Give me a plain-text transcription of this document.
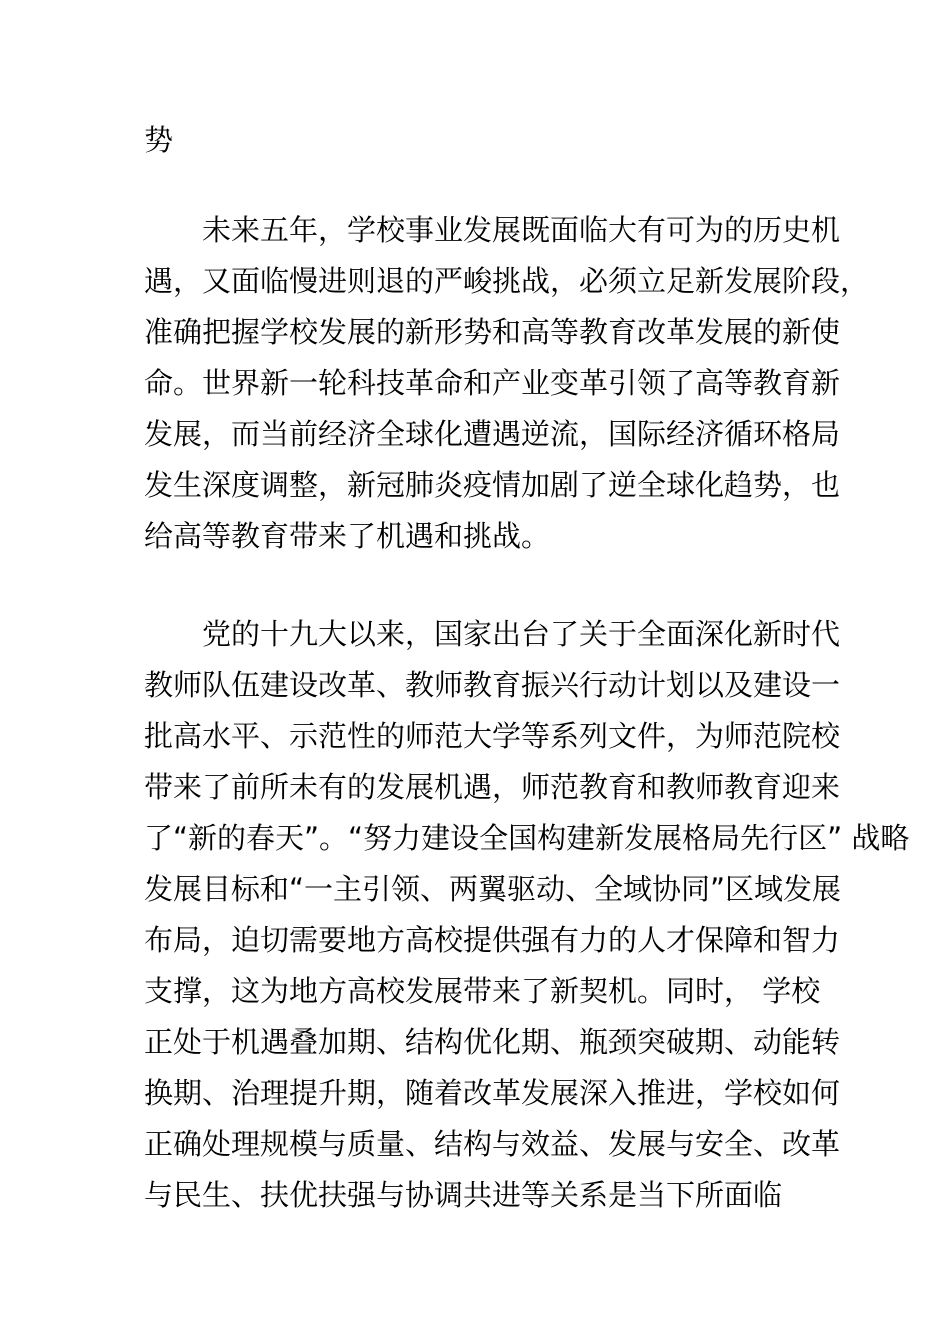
势
　　未来五年，学校事业发展既面临大有可为的历史机
遇，又面临慢进则退的严峻挑战，必须立足新发展阶段，
准确把握学校发展的新形势和高等教育改革发展的新使
命。世界新一轮科技革命和产业变革引领了高等教育新
发展，而当前经济全球化遭遇逆流，国际经济循环格局
发生深度调整，新冠肺炎疫情加剧了逆全球化趋势，也
给高等教育带来了机遇和挑战。
　　党的十九大以来，国家出台了关于全面深化新时代
教师队伍建设改革、教师教育振兴行动计划以及建设一
批高水平、示范性的师范大学等系列文件，为师范院校
带来了前所未有的发展机遇，师范教育和教师教育迎来
了“新的春天”。“努力建设全国构建新发展格局先行区” 战略
发展目标和“一主引领、两翼驱动、全域协同”区域发展
布局，迫切需要地方高校提供强有力的人才保障和智力
支撑，这为地方高校发展带来了新契机。同时， 学校
正处于机遇叠加期、结构优化期、瓶颈突破期、动能转
换期、治理提升期，随着改革发展深入推进，学校如何
正确处理规模与质量、结构与效益、发展与安全、改革
与民生、扶优扶强与协调共进等关系是当下所面临
